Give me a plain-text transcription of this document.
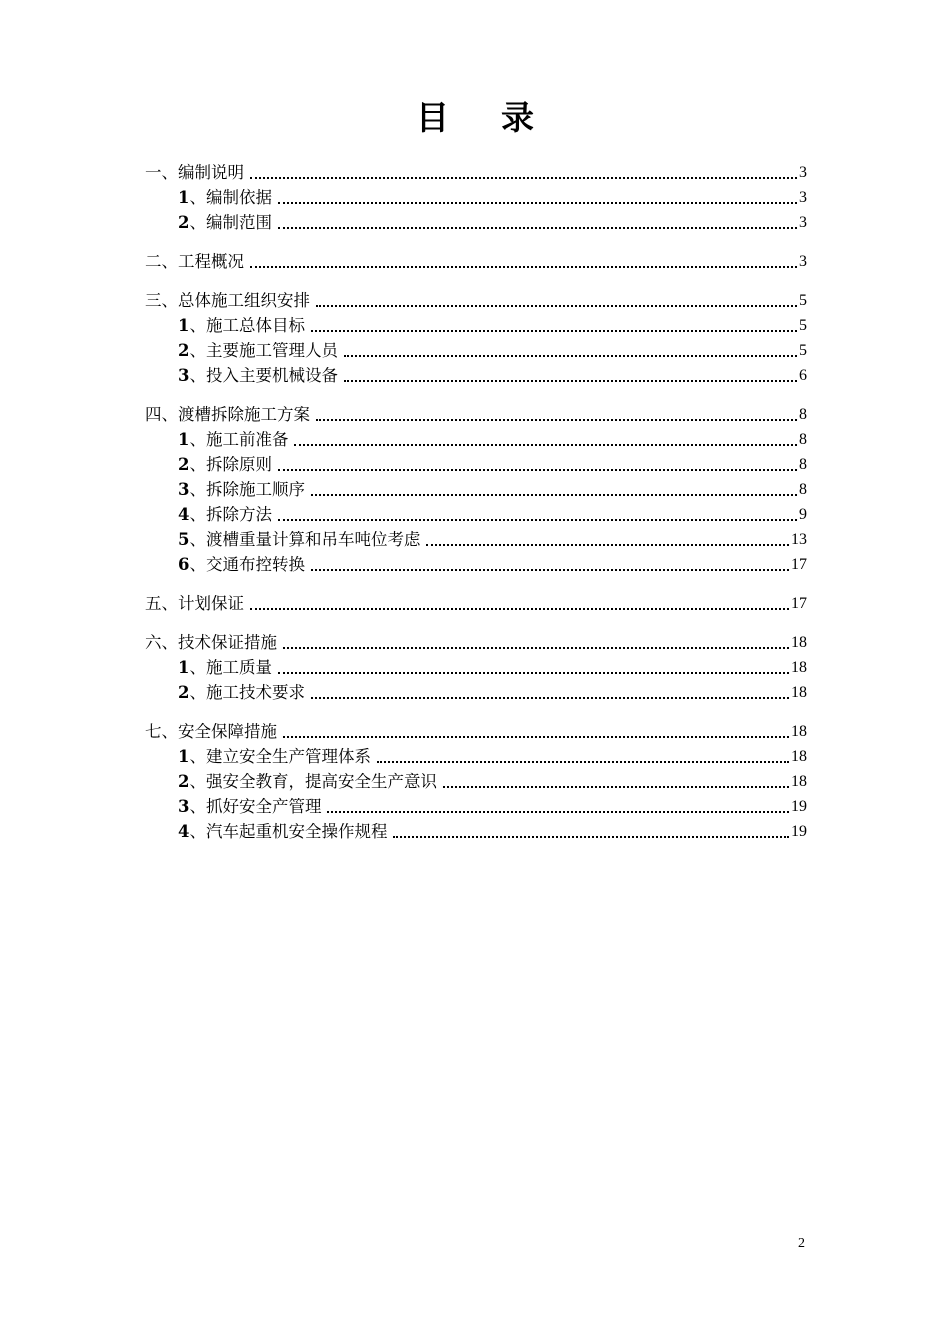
目录
一、编制说明	3
1、编制依据	3
2、编制范围	3
二、工程概况	3
三、总体施工组织安排	5
1、施工总体目标	5
2、主要施工管理人员	5
3、投入主要机械设备	6
四、渡槽拆除施工方案	8
1、施工前准备	8
2、拆除原则	8
3、拆除施工顺序	8
4、拆除方法	9
5、渡槽重量计算和吊车吨位考虑	13
6、交通布控转换	17
五、计划保证	17
六、技术保证措施	18
1、施工质量	18
2、施工技术要求	18
七、安全保障措施	18
1、建立安全生产管理体系	18
2、强安全教育，提高安全生产意识	18
3、抓好安全产管理	19
4、汽车起重机安全操作规程	19
2
